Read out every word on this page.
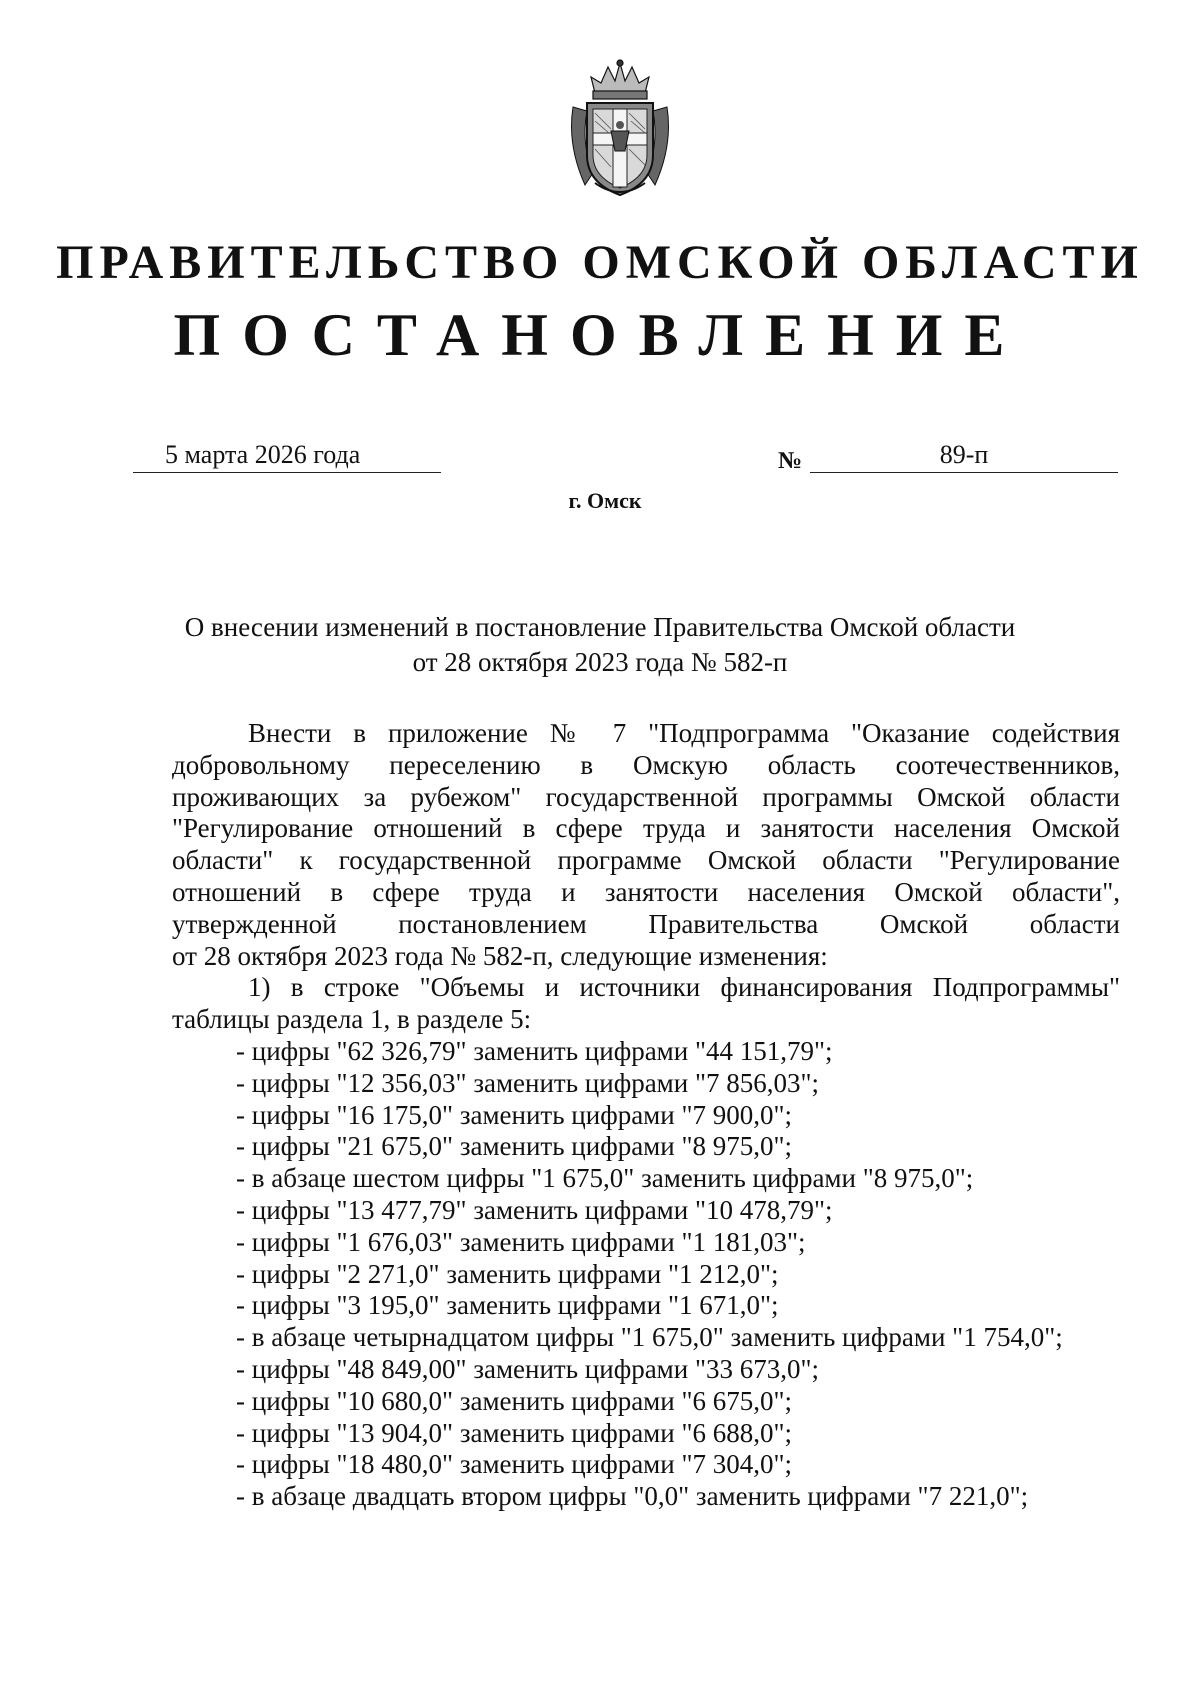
ПРАВИТЕЛЬСТВО ОМСКОЙ ОБЛАСТИ
ПОСТАНОВЛЕНИЕ
5 марта 2026 года	№	89-п
г. Омск
О внесении изменений в постановление Правительства Омской области
от 28 октября 2023 года № 582-п

Внести в приложение № 7 "Подпрограмма "Оказание содействия

добровольному переселению в Омскую область соотечественников,

проживающих за рубежом" государственной программы Омской области

"Регулирование отношений в сфере труда и занятости населения Омской

области" к государственной программе Омской области "Регулирование

отношений в сфере труда и занятости населения Омской области",

утвержденной постановлением Правительства Омской области

от 28 октября 2023 года № 582-п, следующие изменения:

1) в строке "Объемы и источники финансирования Подпрограммы"

таблицы раздела 1, в разделе 5:

- цифры "62 326,79" заменить цифрами "44 151,79";

- цифры "12 356,03" заменить цифрами "7 856,03";

- цифры "16 175,0" заменить цифрами "7 900,0";

- цифры "21 675,0" заменить цифрами "8 975,0";

- в абзаце шестом цифры "1 675,0" заменить цифрами "8 975,0";

- цифры "13 477,79" заменить цифрами "10 478,79";

- цифры "1 676,03" заменить цифрами "1 181,03";

- цифры "2 271,0" заменить цифрами "1 212,0";

- цифры "3 195,0" заменить цифрами "1 671,0";

- в абзаце четырнадцатом цифры "1 675,0" заменить цифрами "1 754,0";

- цифры "48 849,00" заменить цифрами "33 673,0";

- цифры "10 680,0" заменить цифрами "6 675,0";

- цифры "13 904,0" заменить цифрами "6 688,0";

- цифры "18 480,0" заменить цифрами "7 304,0";

- в абзаце двадцать втором цифры "0,0" заменить цифрами "7 221,0";
